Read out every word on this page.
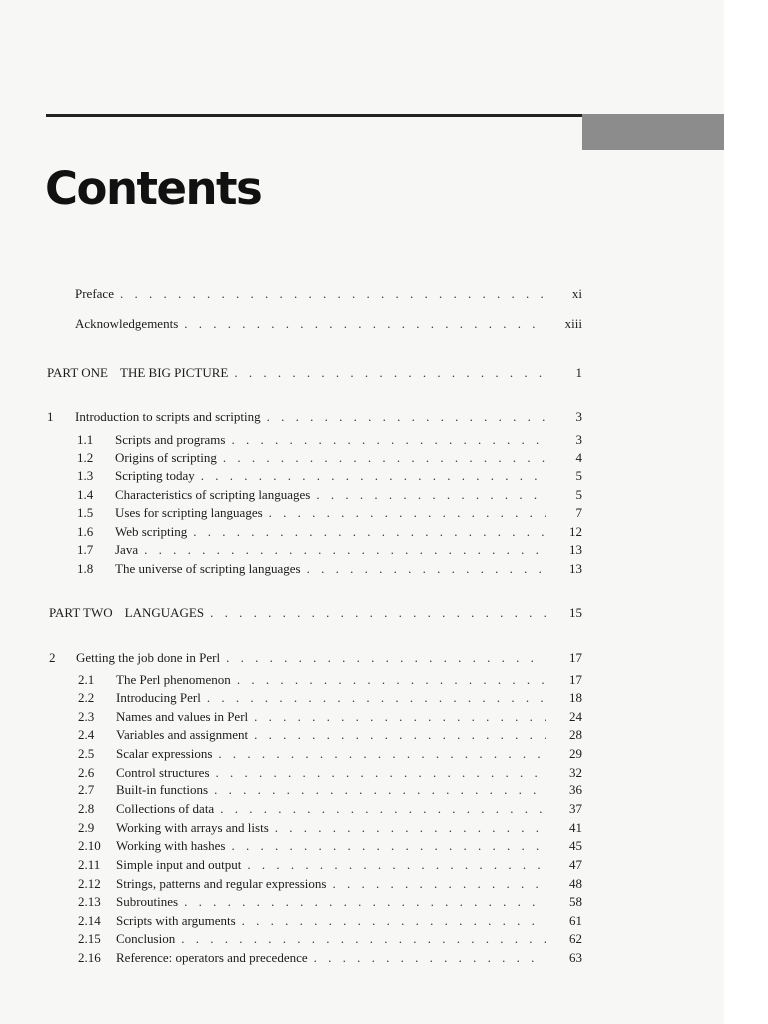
Contents
Preface . . .	xi
Acknowledgements . . .	xiii
PART ONE THE BIG PICTURE . . .	1
1	Introduction to scripts and scripting . . .	3
1.1	Scripts and programs . . .	3
1.2	Origins of scripting . . .	4
1.3	Scripting today . . .	5
1.4	Characteristics of scripting languages . . .	5
1.5	Uses for scripting languages . . .	7
1.6	Web scripting . . .	12
1.7	Java . . .	13
1.8	The universe of scripting languages . . .	13
PART TWO LANGUAGES . . .	15
2	Getting the job done in Perl . . .	17
2.1	The Perl phenomenon . . .	17
2.2	Introducing Perl . . .	18
2.3	Names and values in Perl . . .	24
2.4	Variables and assignment . . .	28
2.5	Scalar expressions . . .	29
2.6	Control structures . . .	32
2.7	Built-in functions . . .	36
2.8	Collections of data . . .	37
2.9	Working with arrays and lists . . .	41
2.10	Working with hashes . . .	45
2.11	Simple input and output . . .	47
2.12	Strings, patterns and regular expressions . . .	48
2.13	Subroutines . . .	58
2.14	Scripts with arguments . . .	61
2.15	Conclusion . . .	62
2.16	Reference: operators and precedence . . .	63
